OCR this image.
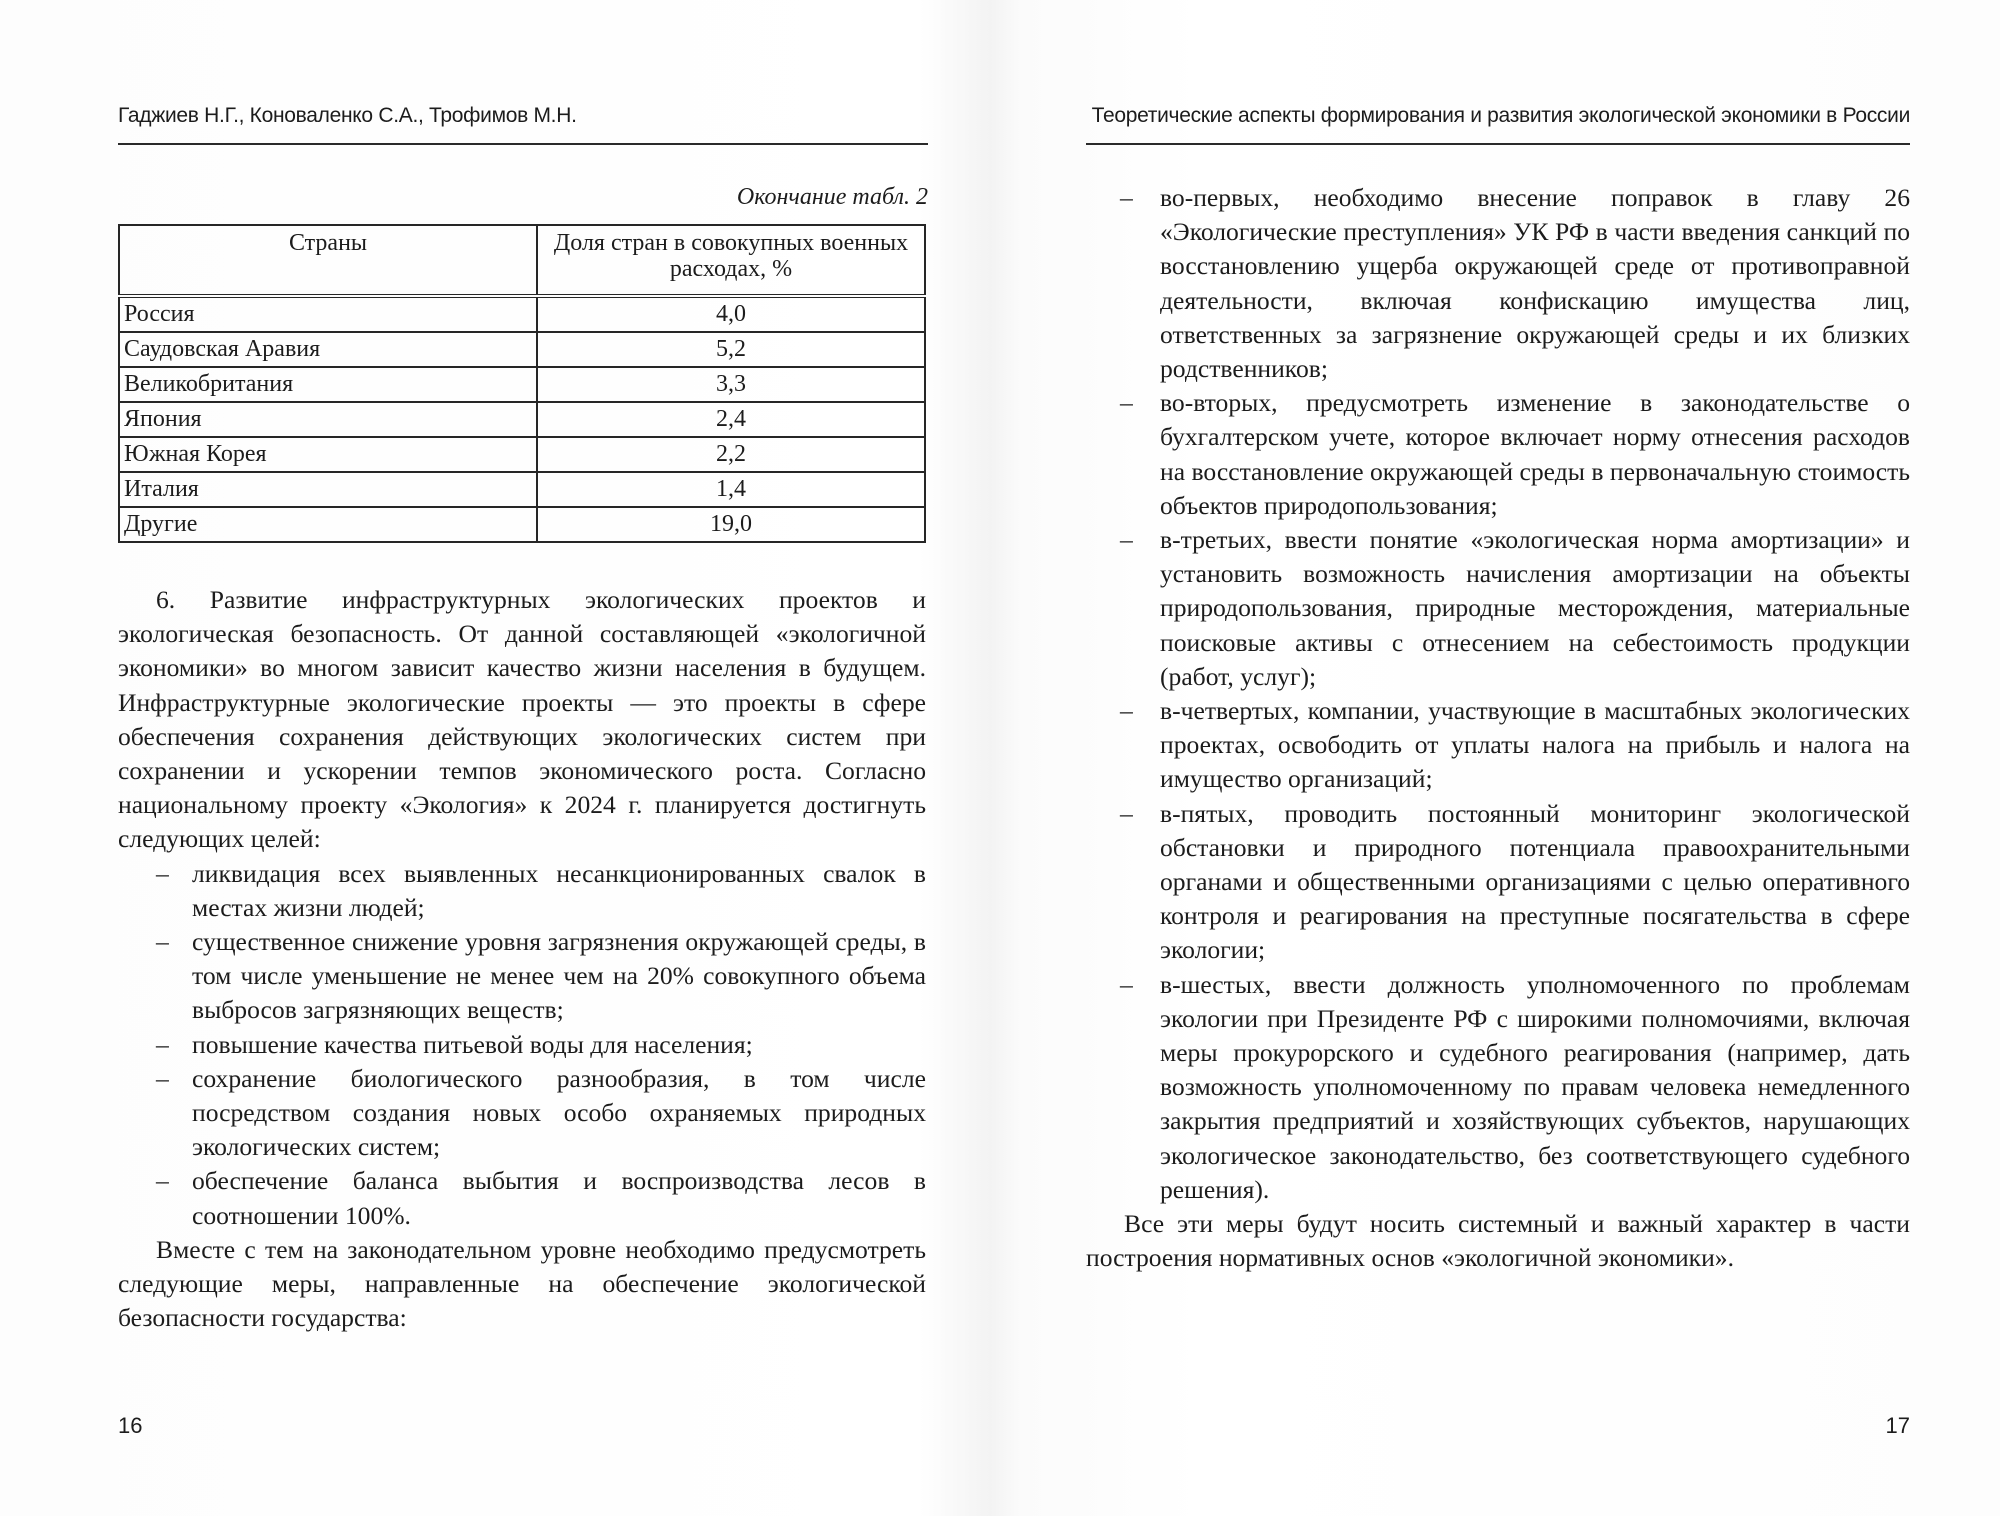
Гаджиев Н.Г., Коноваленко С.А., Трофимов М.Н.
Окончание табл. 2
Страны	Доля стран в совокупных военных расходах, %
Россия	4,0
Саудовская Аравия	5,2
Великобритания	3,3
Япония	2,4
Южная Корея	2,2
Италия	1,4
Другие	19,0

6. Развитие инфраструктурных экологических проектов и экологическая безопасность. От данной составляющей «экологичной экономики» во многом зависит качество жизни населения в будущем. Инфраструктурные экологические проекты — это проекты в сфере обеспечения сохранения действующих экологических систем при сохранении и ускорении темпов экономического роста. Согласно национальному проекту «Экология» к 2024 г. планируется достигнуть следующих целей:

– ликвидация всех выявленных несанкционированных свалок в местах жизни людей;
– существенное снижение уровня загрязнения окружающей среды, в том числе уменьшение не менее чем на 20% совокупного объема выбросов загрязняющих веществ;
– повышение качества питьевой воды для населения;
– сохранение биологического разнообразия, в том числе посредством создания новых особо охраняемых природных экологических систем;
– обеспечение баланса выбытия и воспроизводства лесов в соотношении 100%.

Вместе с тем на законодательном уровне необходимо предусмотреть следующие меры, направленные на обеспечение экологической безопасности государства:

16
Теоретические аспекты формирования и развития экологической экономики в России
– во-первых, необходимо внесение поправок в главу 26 «Экологические преступления» УК РФ в части введения санкций по восстановлению ущерба окружающей среде от противоправной деятельности, включая конфискацию имущества лиц, ответственных за загрязнение окружающей среды и их близких родственников;
– во-вторых, предусмотреть изменение в законодательстве о бухгалтерском учете, которое включает норму отнесения расходов на восстановление окружающей среды в первоначальную стоимость объектов природопользования;
– в-третьих, ввести понятие «экологическая норма амортизации» и установить возможность начисления амортизации на объекты природопользования, природные месторождения, материальные поисковые активы с отнесением на себестоимость продукции (работ, услуг);
– в-четвертых, компании, участвующие в масштабных экологических проектах, освободить от уплаты налога на прибыль и налога на имущество организаций;
– в-пятых, проводить постоянный мониторинг экологической обстановки и природного потенциала правоохранительными органами и общественными организациями с целью оперативного контроля и реагирования на преступные посягательства в сфере экологии;
– в-шестых, ввести должность уполномоченного по проблемам экологии при Президенте РФ с широкими полномочиями, включая меры прокурорского и судебного реагирования (например, дать возможность уполномоченному по правам человека немедленного закрытия предприятий и хозяйствующих субъектов, нарушающих экологическое законодательство, без соответствующего судебного решения).

Все эти меры будут носить системный и важный характер в части построения нормативных основ «экологичной экономики».

17
